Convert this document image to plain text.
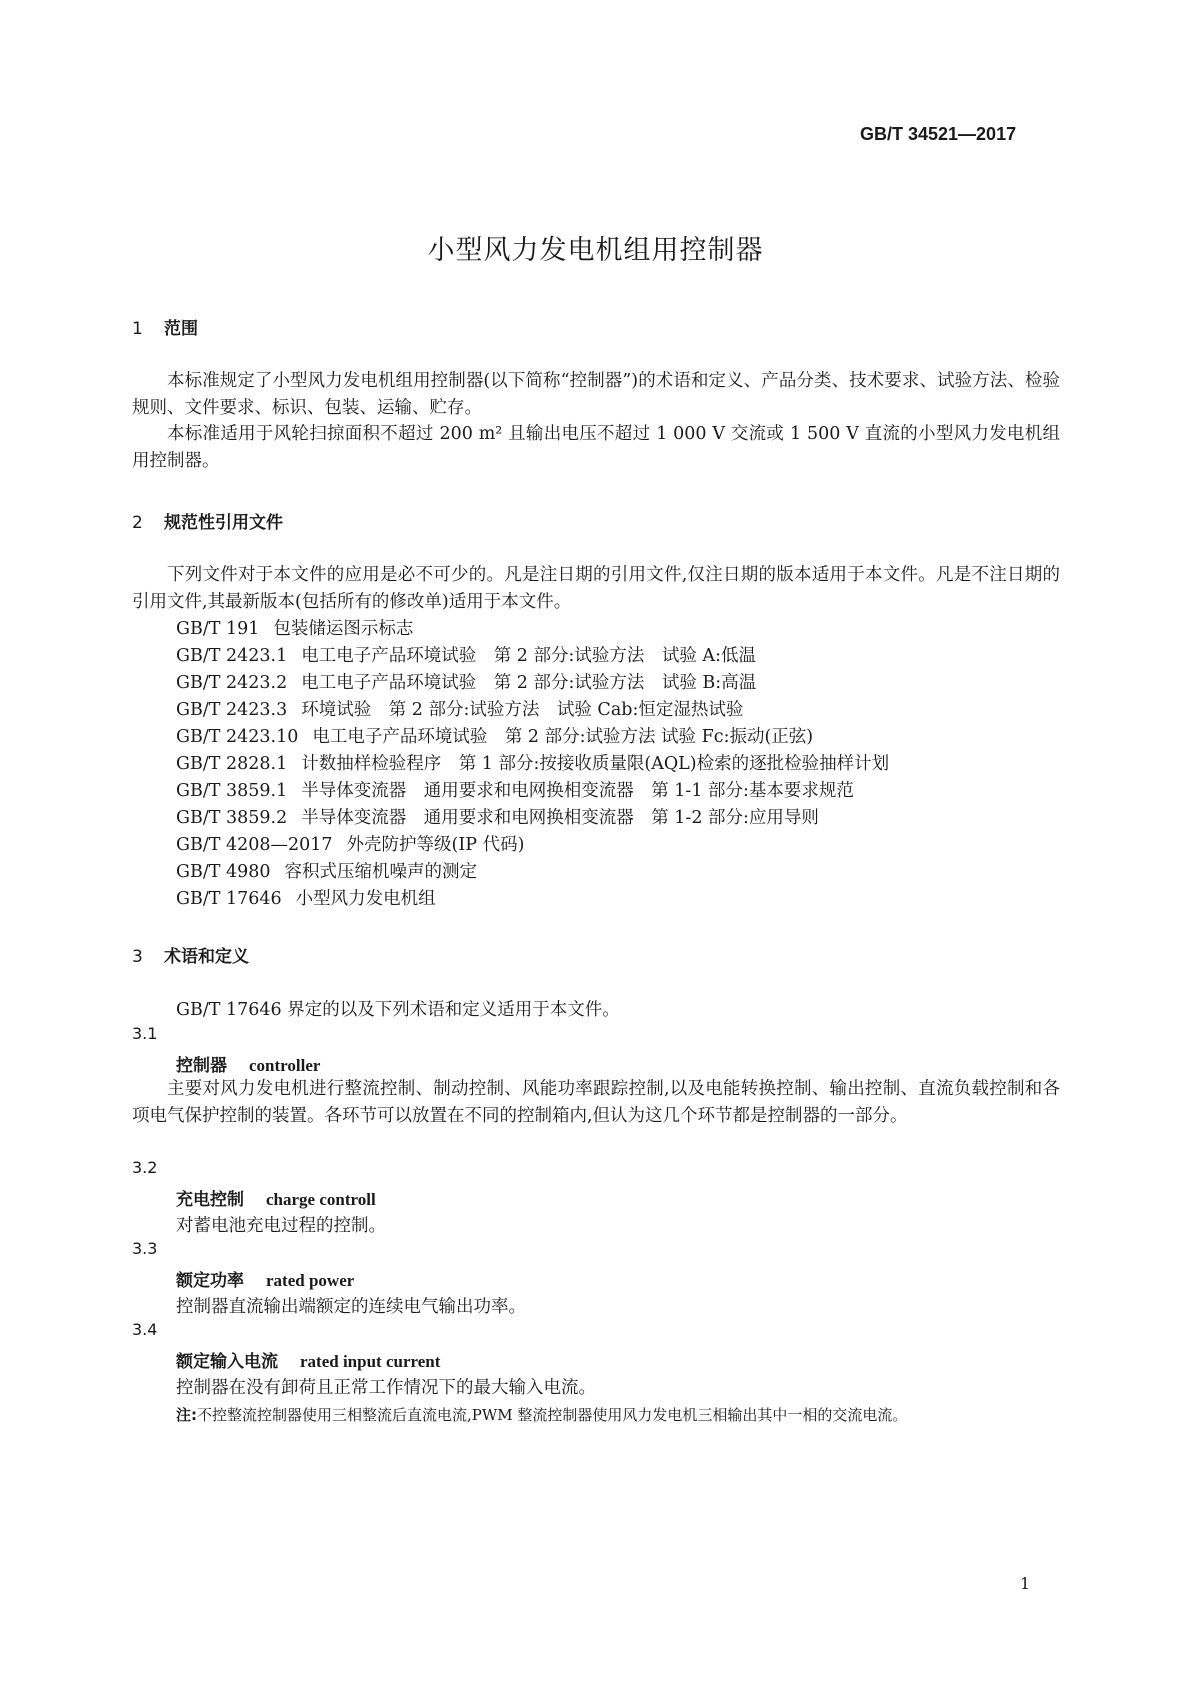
GB/T 34521—2017
小型风力发电机组用控制器
1 范围
本标准规定了小型风力发电机组用控制器(以下简称“控制器”)的术语和定义、产品分类、技术要求、试验方法、检验规则、文件要求、标识、包装、运输、贮存。
本标准适用于风轮扫掠面积不超过 200 m² 且输出电压不超过 1 000 V 交流或 1 500 V 直流的小型风力发电机组用控制器。
2 规范性引用文件
下列文件对于本文件的应用是必不可少的。凡是注日期的引用文件,仅注日期的版本适用于本文件。凡是不注日期的引用文件,其最新版本(包括所有的修改单)适用于本文件。
GB/T 191 包装储运图示标志
GB/T 2423.1 电工电子产品环境试验　第 2 部分:试验方法　试验 A:低温
GB/T 2423.2 电工电子产品环境试验　第 2 部分:试验方法　试验 B:高温
GB/T 2423.3 环境试验　第 2 部分:试验方法　试验 Cab:恒定湿热试验
GB/T 2423.10 电工电子产品环境试验　第 2 部分:试验方法 试验 Fc:振动(正弦)
GB/T 2828.1 计数抽样检验程序　第 1 部分:按接收质量限(AQL)检索的逐批检验抽样计划
GB/T 3859.1 半导体变流器　通用要求和电网换相变流器　第 1-1 部分:基本要求规范
GB/T 3859.2 半导体变流器　通用要求和电网换相变流器　第 1-2 部分:应用导则
GB/T 4208—2017 外壳防护等级(IP 代码)
GB/T 4980 容积式压缩机噪声的测定
GB/T 17646 小型风力发电机组
3 术语和定义
GB/T 17646 界定的以及下列术语和定义适用于本文件。
3.1
控制器 controller
主要对风力发电机进行整流控制、制动控制、风能功率跟踪控制,以及电能转换控制、输出控制、直流负载控制和各项电气保护控制的装置。各环节可以放置在不同的控制箱内,但认为这几个环节都是控制器的一部分。
3.2
充电控制 charge controll
对蓄电池充电过程的控制。
3.3
额定功率 rated power
控制器直流输出端额定的连续电气输出功率。
3.4
额定输入电流 rated input current
控制器在没有卸荷且正常工作情况下的最大输入电流。
注:不控整流控制器使用三相整流后直流电流,PWM 整流控制器使用风力发电机三相输出其中一相的交流电流。
1
